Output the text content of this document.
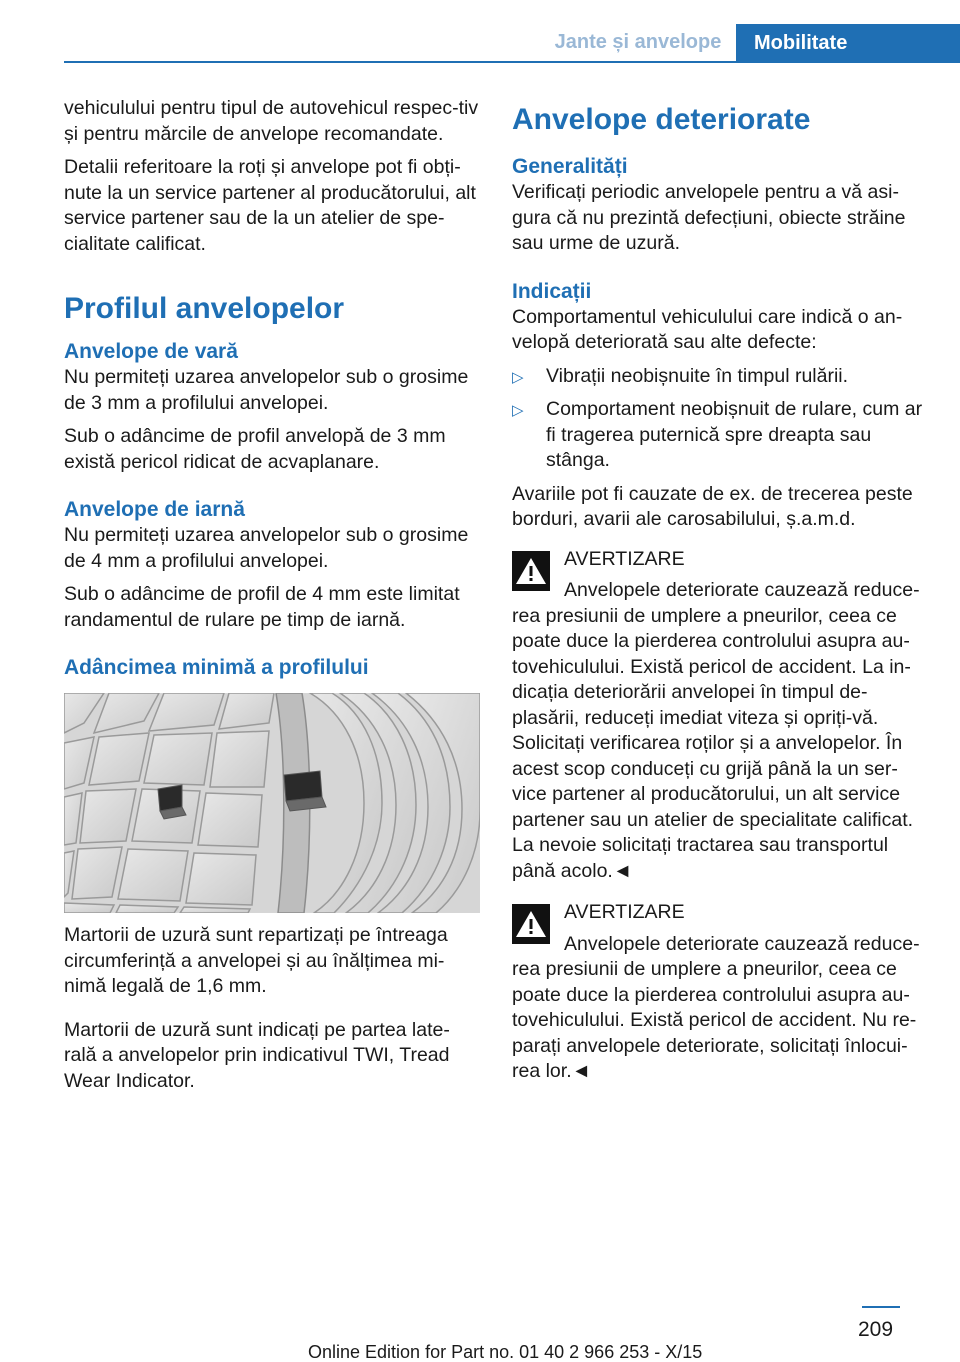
Jante și anvelope	Mobilitate

vehiculului pentru tipul de autovehicul respec-tiv și pentru mărcile de anvelope recomandate.

Detalii referitoare la roți și anvelope pot fi obți-nute la un service partener al producătorului, alt service partener sau de la un atelier de spe-cialitate calificat.

Profilul anvelopelor
Anvelope de vară

Nu permiteți uzarea anvelopelor sub o grosime de 3 mm a profilului anvelopei.

Sub o adâncime de profil anvelopă de 3 mm există pericol ridicat de acvaplanare.

Anvelope de iarnă

Nu permiteți uzarea anvelopelor sub o grosime de 4 mm a profilului anvelopei.

Sub o adâncime de profil de 4 mm este limitat randamentul de rulare pe timp de iarnă.

Adâncimea minimă a profilului

Martorii de uzură sunt repartizați pe întreaga circumferință a anvelopei și au înălțimea mi-nimă legală de 1,6 mm.

Martorii de uzură sunt indicați pe partea late-rală a anvelopelor prin indicativul TWI, Tread Wear Indicator.

Anvelope deteriorate
Generalități

Verificați periodic anvelopele pentru a vă asi-gura că nu prezintă defecțiuni, obiecte străine sau urme de uzură.

Indicații

Comportamentul vehiculului care indică o an-velopă deteriorată sau alte defecte:

▷ Vibrații neobișnuite în timpul rulării.
▷ Comportament neobișnuit de rulare, cum ar fi tragerea puternică spre dreapta sau stânga.

Avariile pot fi cauzate de ex. de trecerea peste borduri, avarii ale carosabilului, ș.a.m.d.

AVERTIZARE
Anvelopele deteriorate cauzează reduce-rea presiunii de umplere a pneurilor, ceea ce poate duce la pierderea controlului asupra au-tovehiculului. Există pericol de accident. La in-dicația deteriorării anvelopei în timpul de-plasării, reduceți imediat viteza și opriți-vă. Solicitați verificarea roților și a anvelopelor. În acest scop conduceți cu grijă până la un ser-vice partener al producătorului, un alt service partener sau un atelier de specialitate calificat. La nevoie solicitați tractarea sau transportul până acolo.◄
AVERTIZARE
Anvelopele deteriorate cauzează reduce-rea presiunii de umplere a pneurilor, ceea ce poate duce la pierderea controlului asupra au-tovehiculului. Există pericol de accident. Nu re-parați anvelopele deteriorate, solicitați înlocui-rea lor.◄
209
Online Edition for Part no. 01 40 2 966 253 - X/15
